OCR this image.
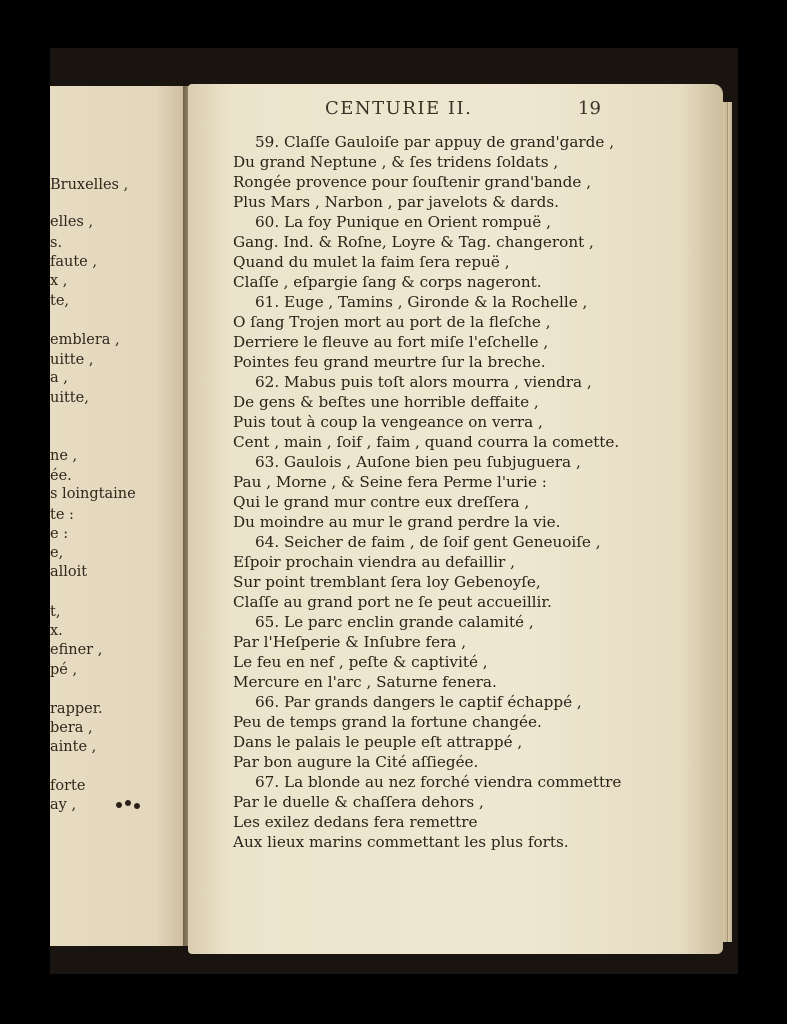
Bruxelles ,
elles ,
s.
faute ,
x ,
te,
emblera ,
uitte ,
a ,
uitte,
ne ,
ée.
s loingtaine
te :
e :
e,
alloit
t,
x.
efiner ,
pé ,
rapper.
bera ,
ainte ,
forte
ay ,
CENTURIE II.	19
59. Claſſe Gauloiſe par appuy de grand'garde ,
Du grand Neptune , & ſes tridens ſoldats ,
Rongée provence pour ſouſtenir grand'bande ,
Plus Mars , Narbon , par javelots & dards.
60. La foy Punique en Orient rompuë ,
Gang. Ind. & Roſne, Loyre & Tag. changeront ,
Quand du mulet la faim ſera repuë ,
Claſſe , eſpargie ſang & corps nageront.
61. Euge , Tamins , Gironde & la Rochelle ,
O ſang Trojen mort au port de la fleſche ,
Derriere le fleuve au fort miſe l'eſchelle ,
Pointes feu grand meurtre ſur la breche.
62. Mabus puis toſt alors mourra , viendra ,
De gens & beſtes une horrible deffaite ,
Puis tout à coup la vengeance on verra ,
Cent , main , ſoif , faim , quand courra la comette.
63. Gaulois , Auſone bien peu ſubjuguera ,
Pau , Morne , & Seine fera Perme l'urie :
Qui le grand mur contre eux dreſſera ,
Du moindre au mur le grand perdre la vie.
64. Seicher de faim , de ſoif gent Geneuoiſe ,
Eſpoir prochain viendra au defaillir ,
Sur point tremblant ſera loy Gebenoyſe,
Claſſe au grand port ne ſe peut accueillir.
65. Le parc enclin grande calamité ,
Par l'Heſperie & Inſubre fera ,
Le feu en nef , peſte & captivité ,
Mercure en l'arc , Saturne fenera.
66. Par grands dangers le captif échappé ,
Peu de temps grand la fortune changée.
Dans le palais le peuple eſt attrappé ,
Par bon augure la Cité aſſiegée.
67. La blonde au nez forché viendra commettre
Par le duelle & chaſſera dehors ,
Les exilez dedans fera remettre
Aux lieux marins commettant les plus forts.
